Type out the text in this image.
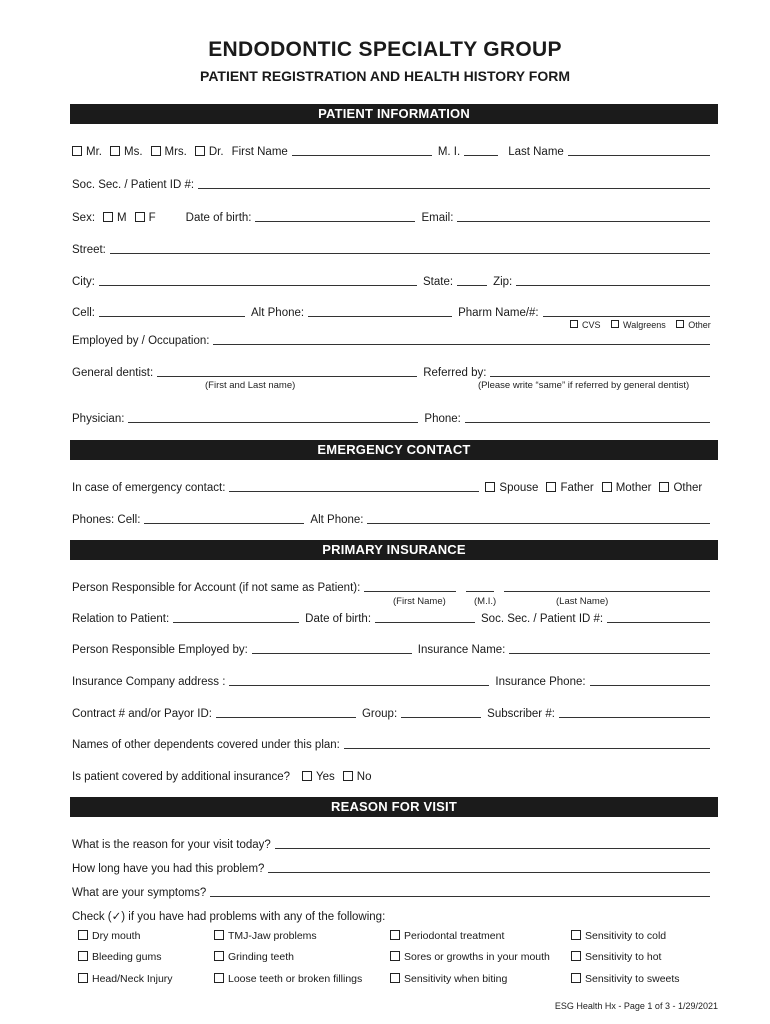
ENDODONTIC SPECIALTY GROUP
PATIENT REGISTRATION AND HEALTH HISTORY FORM
PATIENT INFORMATION
Mr. Ms. Mrs. Dr. First Name	M. I.	Last Name
Soc. Sec. / Patient ID #:
Sex: M F	Date of birth:	Email:
Street:
City:	State:	Zip:
Cell:	Alt Phone:	Pharm Name/#:
CVS
	Walgreens
	Other
Employed by / Occupation:
General dentist:	Referred by:
(First and Last name)	(Please write “same” if referred by general dentist)
Physician:	Phone:
EMERGENCY CONTACT
In case of emergency contact:	Spouse Father Mother Other
Phones: Cell:	Alt Phone:
PRIMARY INSURANCE
Person Responsible for Account (if not same as Patient):
(First Name)	(M.I.)	(Last Name)
Relation to Patient:	Date of birth:	Soc. Sec. / Patient ID #:
Person Responsible Employed by:	Insurance Name:
Insurance Company address :	Insurance Phone:
Contract # and/or Payor ID:	Group:	Subscriber #:
Names of other dependents covered under this plan:
Is patient covered by additional insurance? Yes No
REASON FOR VISIT
What is the reason for your visit today?
How long have you had this problem?
What are your symptoms?
Check (✓) if you have had problems with any of the following:
Dry mouth	TMJ-Jaw problems	Periodontal treatment	Sensitivity to cold
Bleeding gums	Grinding teeth	Sores or growths in your mouth	Sensitivity to hot
Head/Neck Injury	Loose teeth or broken fillings	Sensitivity when biting	Sensitivity to sweets
ESG Health Hx - Page 1 of 3 - 1/29/2021
